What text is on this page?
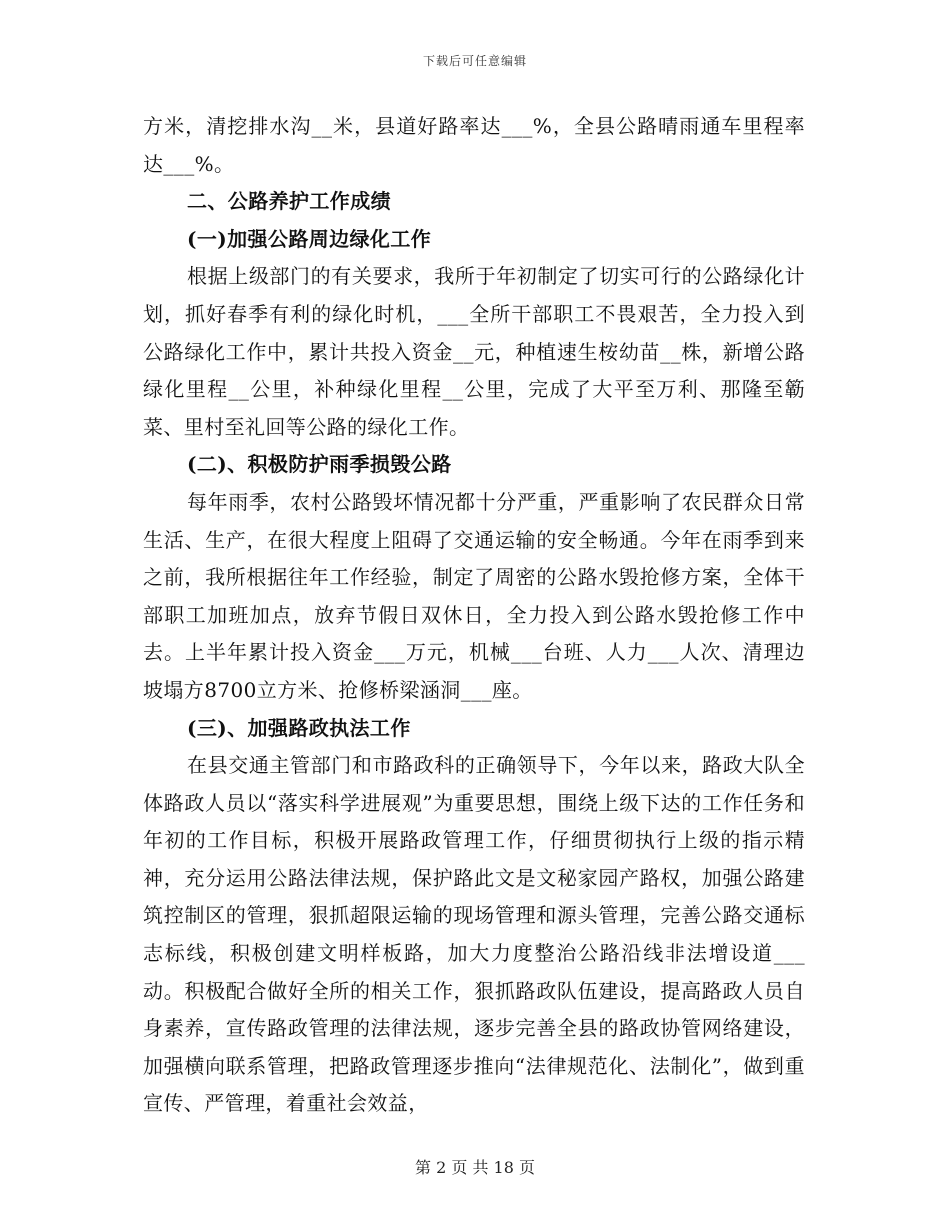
下载后可任意编辑

方米，清挖排水沟__米，县道好路率达___%，全县公路晴雨通车里程率达___%。

二、公路养护工作成绩

(一)加强公路周边绿化工作

根据上级部门的有关要求，我所于年初制定了切实可行的公路绿化计划，抓好春季有利的绿化时机，___全所干部职工不畏艰苦，全力投入到公路绿化工作中，累计共投入资金__元，种植速生桉幼苗__株，新增公路绿化里程__公里，补种绿化里程__公里，完成了大平至万利、那隆至簕菜、里村至礼回等公路的绿化工作。

(二)、积极防护雨季损毁公路

每年雨季，农村公路毁坏情况都十分严重，严重影响了农民群众日常生活、生产，在很大程度上阻碍了交通运输的安全畅通。今年在雨季到来之前，我所根据往年工作经验，制定了周密的公路水毁抢修方案，全体干部职工加班加点，放弃节假日双休日，全力投入到公路水毁抢修工作中去。上半年累计投入资金___万元，机械___台班、人力___人次、清理边坡塌方8700立方米、抢修桥梁涵洞___座。

(三)、加强路政执法工作

在县交通主管部门和市路政科的正确领导下，今年以来，路政大队全体路政人员以“落实科学进展观”为重要思想，围绕上级下达的工作任务和年初的工作目标，积极开展路政管理工作，仔细贯彻执行上级的指示精神，充分运用公路法律法规，保护路此文是文秘家园产路权，加强公路建筑控制区的管理，狠抓超限运输的现场管理和源头管理，完善公路交通标志标线，积极创建文明样板路，加大力度整治公路沿线非法增设道___动。积极配合做好全所的相关工作，狠抓路政队伍建设，提高路政人员自身素养，宣传路政管理的法律法规，逐步完善全县的路政协管网络建设，加强横向联系管理，把路政管理逐步推向“法律规范化、法制化”，做到重宣传、严管理，着重社会效益，

第 2 页 共 18 页
